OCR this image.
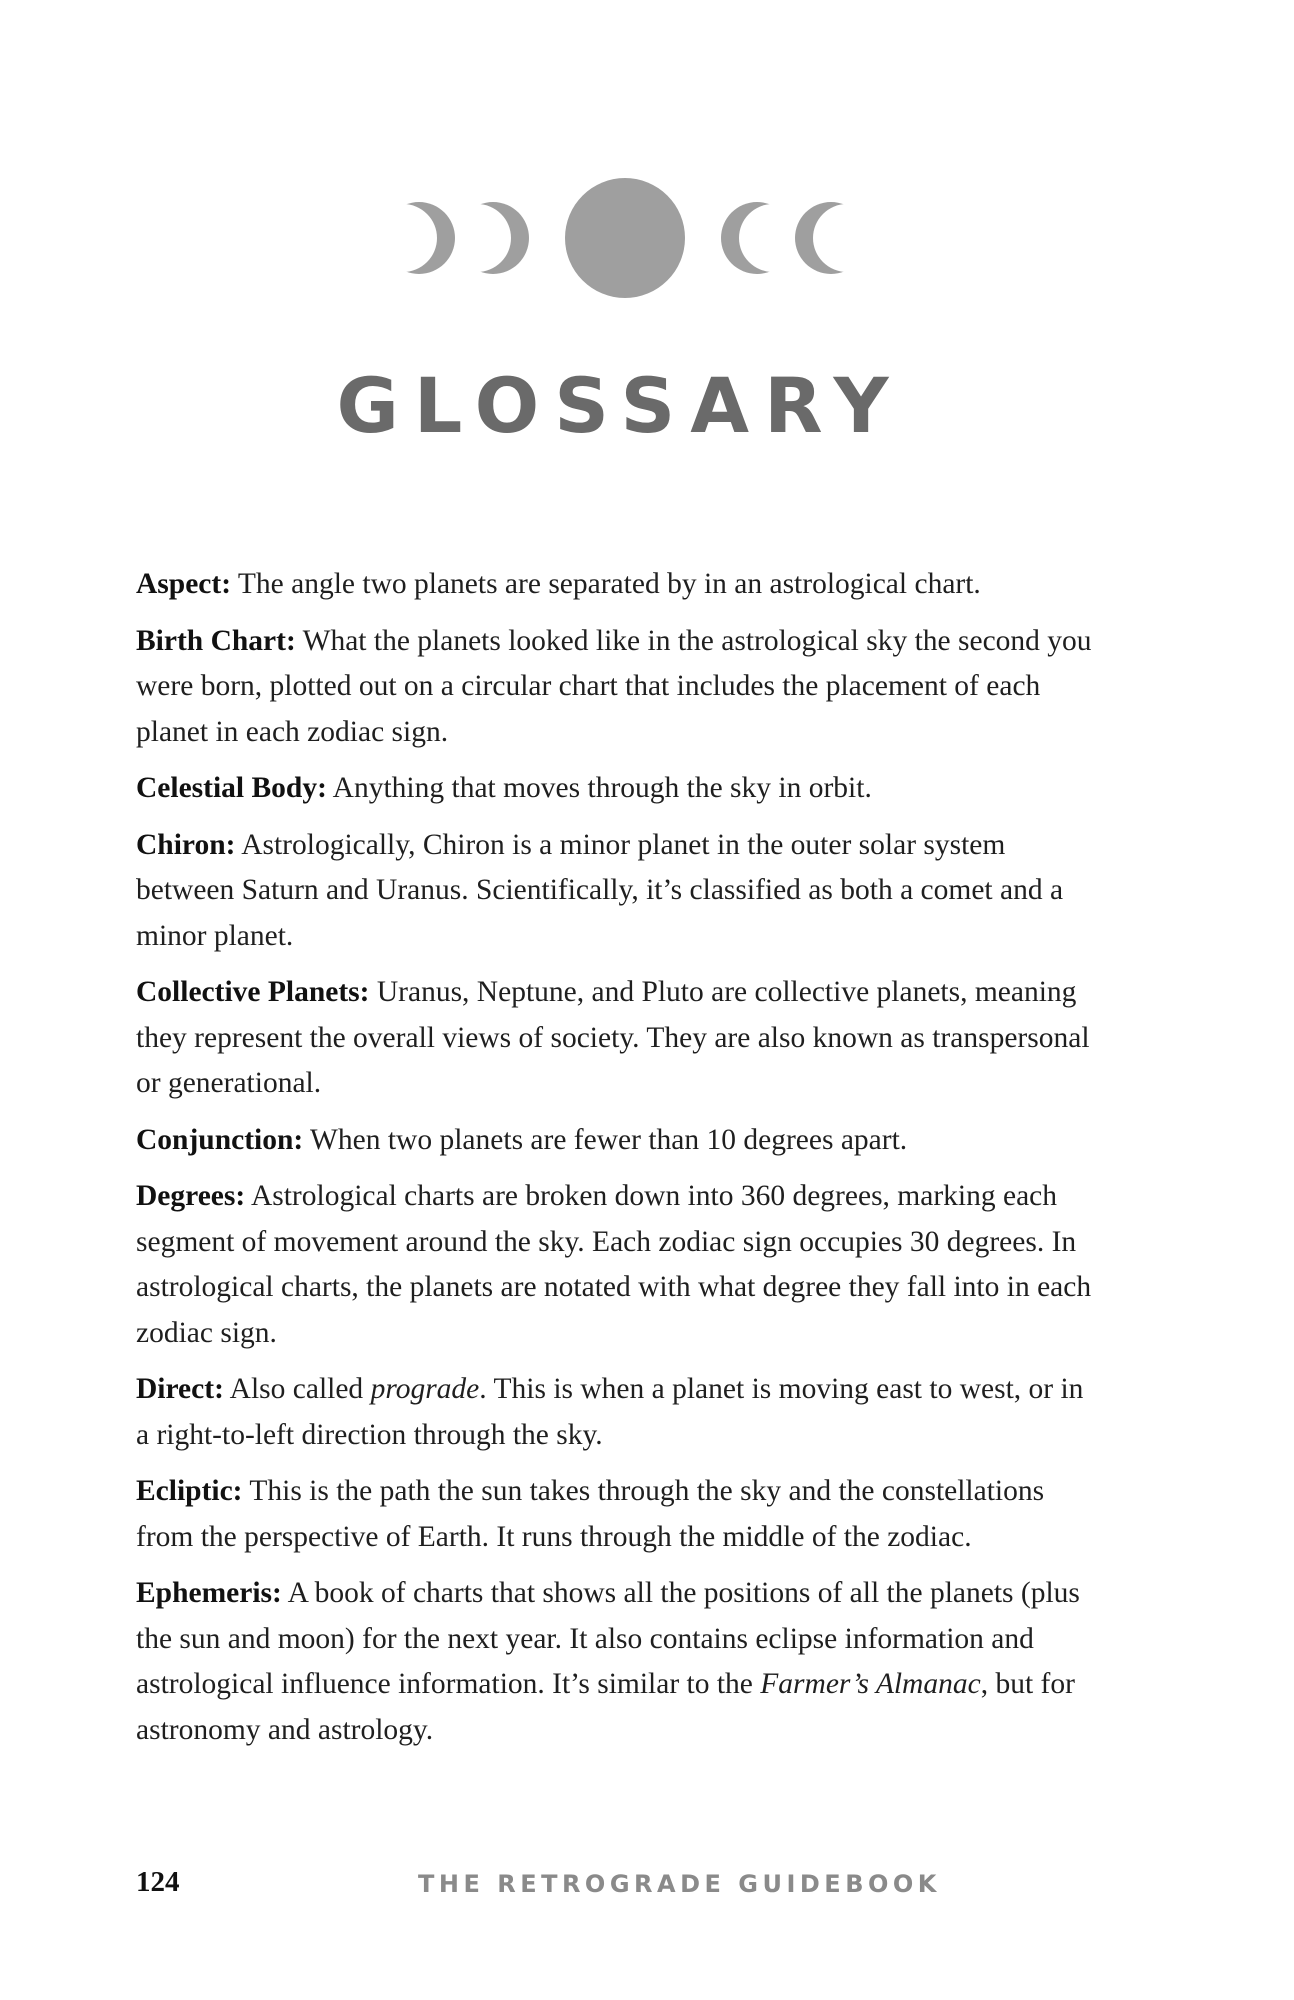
GLOSSARY

Aspect: The angle two planets are separated by in an astrological chart.

Birth Chart: What the planets looked like in the astrological sky the second you were born, plotted out on a circular chart that includes the placement of each planet in each zodiac sign.

Celestial Body: Anything that moves through the sky in orbit.

Chiron: Astrologically, Chiron is a minor planet in the outer solar system between Saturn and Uranus. Scientifically, it’s classified as both a comet and a minor planet.

Collective Planets: Uranus, Neptune, and Pluto are collective planets, meaning they represent the overall views of society. They are also known as transpersonal or generational.

Conjunction: When two planets are fewer than 10 degrees apart.

Degrees: Astrological charts are broken down into 360 degrees, marking each segment of movement around the sky. Each zodiac sign occupies 30 degrees. In astrological charts, the planets are notated with what degree they fall into in each zodiac sign.

Direct: Also called prograde. This is when a planet is moving east to west, or in a right-to-left direction through the sky.

Ecliptic: This is the path the sun takes through the sky and the constellations from the perspective of Earth. It runs through the middle of the zodiac.

Ephemeris: A book of charts that shows all the positions of all the planets (plus the sun and moon) for the next year. It also contains eclipse information and astrological influence information. It’s similar to the Farmer’s Almanac, but for astronomy and astrology.

124	THE RETROGRADE GUIDEBOOK
